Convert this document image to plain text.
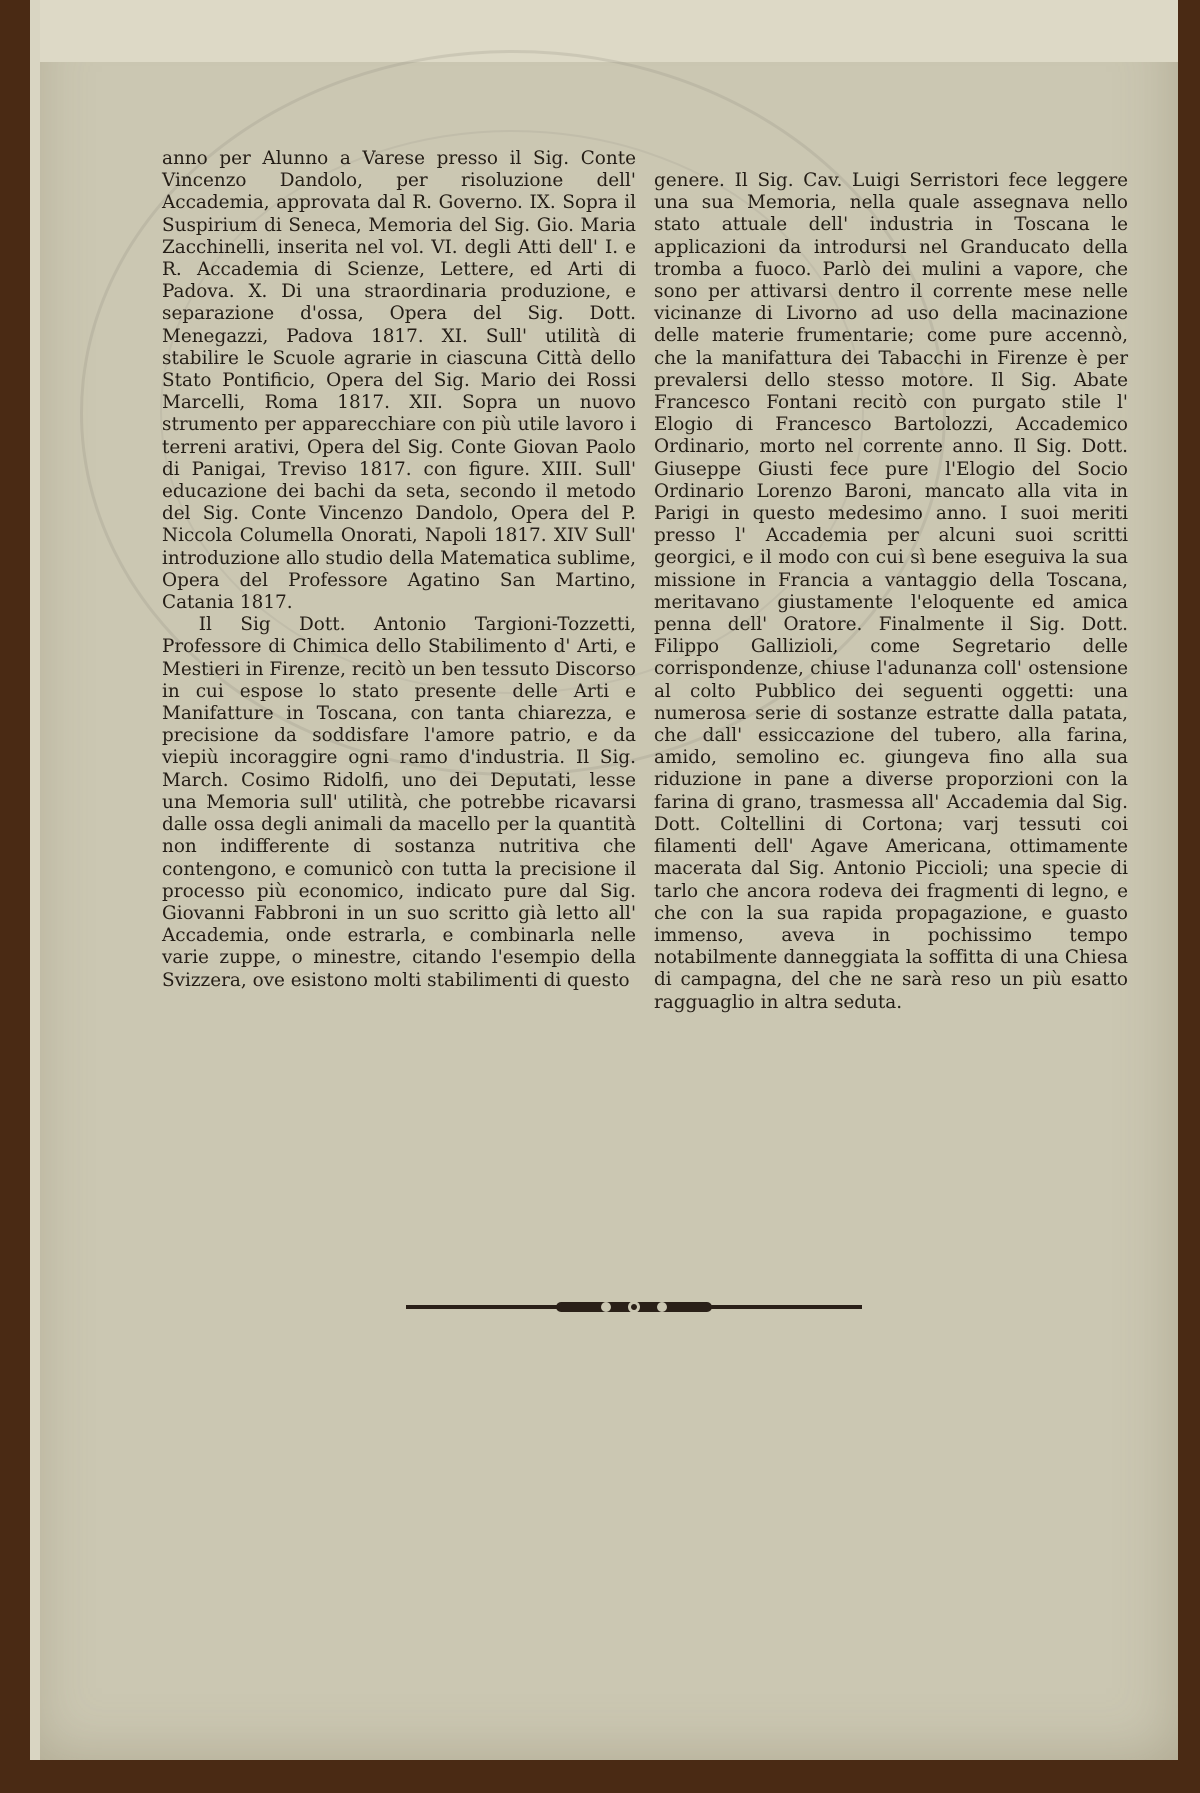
anno per Alunno a Varese presso il Sig. Conte Vincenzo Dandolo, per risoluzione dell' Accademia, approvata dal R. Governo. IX. Sopra il Suspirium di Seneca, Memoria del Sig. Gio. Maria Zacchinelli, inserita nel vol. VI. degli Atti dell' I. e R. Accademia di Scienze, Lettere, ed Arti di Padova. X. Di una straordinaria produzione, e separazione d'ossa, Opera del Sig. Dott. Menegazzi, Padova 1817. XI. Sull' utilità di stabilire le Scuole agrarie in ciascuna Città dello Stato Pontificio, Opera del Sig. Mario dei Rossi Marcelli, Roma 1817. XII. Sopra un nuovo strumento per apparecchiare con più utile lavoro i terreni arativi, Opera del Sig. Conte Giovan Paolo di Panigai, Treviso 1817. con figure. XIII. Sull' educazione dei bachi da seta, secondo il metodo del Sig. Conte Vincenzo Dandolo, Opera del P. Niccola Columella Onorati, Napoli 1817. XIV Sull' introduzione allo studio della Matematica sublime, Opera del Professore Agatino San Martino, Catania 1817.

Il Sig Dott. Antonio Targioni-Tozzetti, Professore di Chimica dello Stabilimento d' Arti, e Mestieri in Firenze, recitò un ben tessuto Discorso in cui espose lo stato presente delle Arti e Manifatture in Toscana, con tanta chiarezza, e precisione da soddisfare l'amore patrio, e da viepiù incoraggire ogni ramo d'industria. Il Sig. March. Cosimo Ridolfi, uno dei Deputati, lesse una Memoria sull' utilità, che potrebbe ricavarsi dalle ossa degli animali da macello per la quantità non indifferente di sostanza nutritiva che contengono, e comunicò con tutta la precisione il processo più economico, indicato pure dal Sig. Giovanni Fabbroni in un suo scritto già letto all' Accademia, onde estrarla, e combinarla nelle varie zuppe, o minestre, citando l'esempio della Svizzera, ove esistono molti stabilimenti di questo

genere. Il Sig. Cav. Luigi Serristori fece leggere una sua Memoria, nella quale assegnava nello stato attuale dell' industria in Toscana le applicazioni da introdursi nel Granducato della tromba a fuoco. Parlò dei mulini a vapore, che sono per attivarsi dentro il corrente mese nelle vicinanze di Livorno ad uso della macinazione delle materie frumentarie; come pure accennò, che la manifattura dei Tabacchi in Firenze è per prevalersi dello stesso motore. Il Sig. Abate Francesco Fontani recitò con purgato stile l' Elogio di Francesco Bartolozzi, Accademico Ordinario, morto nel corrente anno. Il Sig. Dott. Giuseppe Giusti fece pure l'Elogio del Socio Ordinario Lorenzo Baroni, mancato alla vita in Parigi in questo medesimo anno. I suoi meriti presso l' Accademia per alcuni suoi scritti georgici, e il modo con cui sì bene eseguiva la sua missione in Francia a vantaggio della Toscana, meritavano giustamente l'eloquente ed amica penna dell' Oratore. Finalmente il Sig. Dott. Filippo Gallizioli, come Segretario delle corrispondenze, chiuse l'adunanza coll' ostensione al colto Pubblico dei seguenti oggetti: una numerosa serie di sostanze estratte dalla patata, che dall' essiccazione del tubero, alla farina, amido, semolino ec. giungeva fino alla sua riduzione in pane a diverse proporzioni con la farina di grano, trasmessa all' Accademia dal Sig. Dott. Coltellini di Cortona; varj tessuti coi filamenti dell' Agave Americana, ottimamente macerata dal Sig. Antonio Piccioli; una specie di tarlo che ancora rodeva dei fragmenti di legno, e che con la sua rapida propagazione, e guasto immenso, aveva in pochissimo tempo notabilmente danneggiata la soffitta di una Chiesa di campagna, del che ne sarà reso un più esatto ragguaglio in altra seduta.
